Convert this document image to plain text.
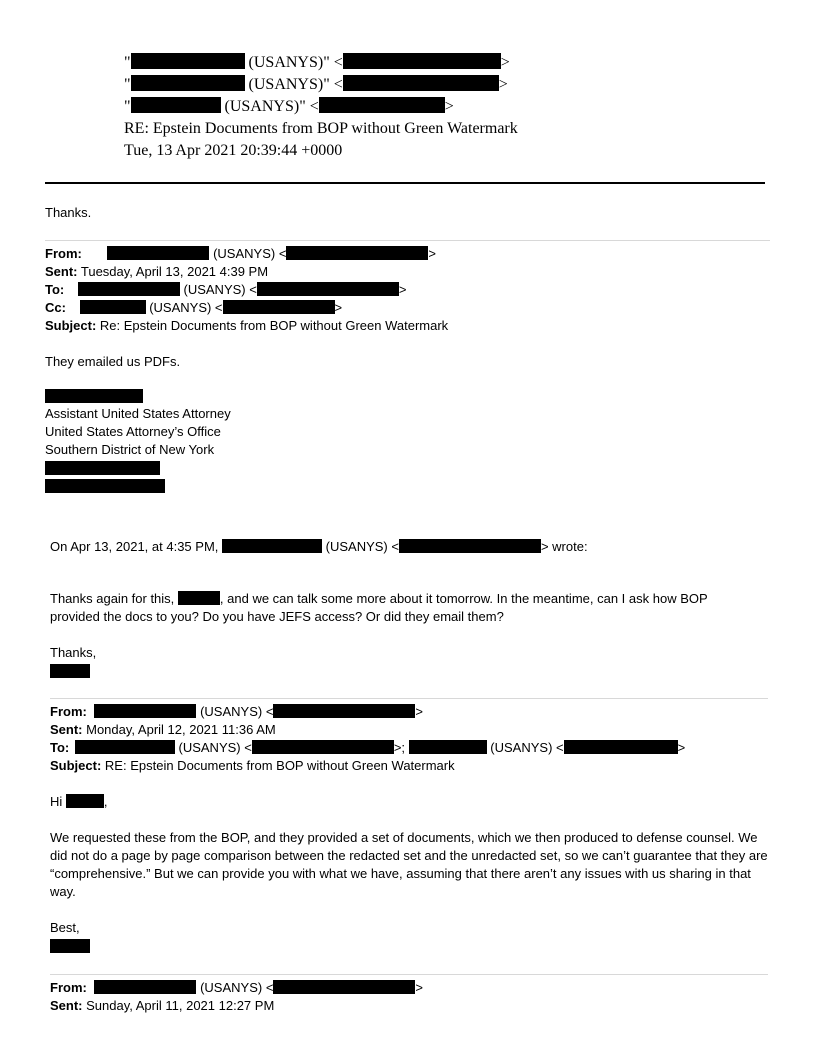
"	(USANYS)" <	>
"	(USANYS)" <	>
"	(USANYS)" <	>
RE: Epstein Documents from BOP without Green Watermark
Tue, 13 Apr 2021 20:39:44 +0000
Thanks.
From:	(USANYS) <	>
Sent: Tuesday, April 13, 2021 4:39 PM
To:	(USANYS) <	>
Cc:	(USANYS) <	>
Subject: Re: Epstein Documents from BOP without Green Watermark
They emailed us PDFs.
Assistant United States Attorney
United States Attorney’s Office
Southern District of New York
On Apr 13, 2021, at 4:35 PM,	(USANYS) <	> wrote:
Thanks again for this,	, and we can talk some more about it tomorrow. In the meantime, can I ask how BOP provided the docs to you? Do you have JEFS access? Or did they email them?
Thanks,
From:	(USANYS) <	>
Sent: Monday, April 12, 2021 11:36 AM
To:	(USANYS) <	>;	(USANYS) <	>
Subject: RE: Epstein Documents from BOP without Green Watermark
Hi	,
We requested these from the BOP, and they provided a set of documents, which we then produced to defense counsel. We did not do a page by page comparison between the redacted set and the unredacted set, so we can’t guarantee that they are “comprehensive.” But we can provide you with what we have, assuming that there aren’t any issues with us sharing in that way.
Best,
From:	(USANYS) <	>
Sent: Sunday, April 11, 2021 12:27 PM
